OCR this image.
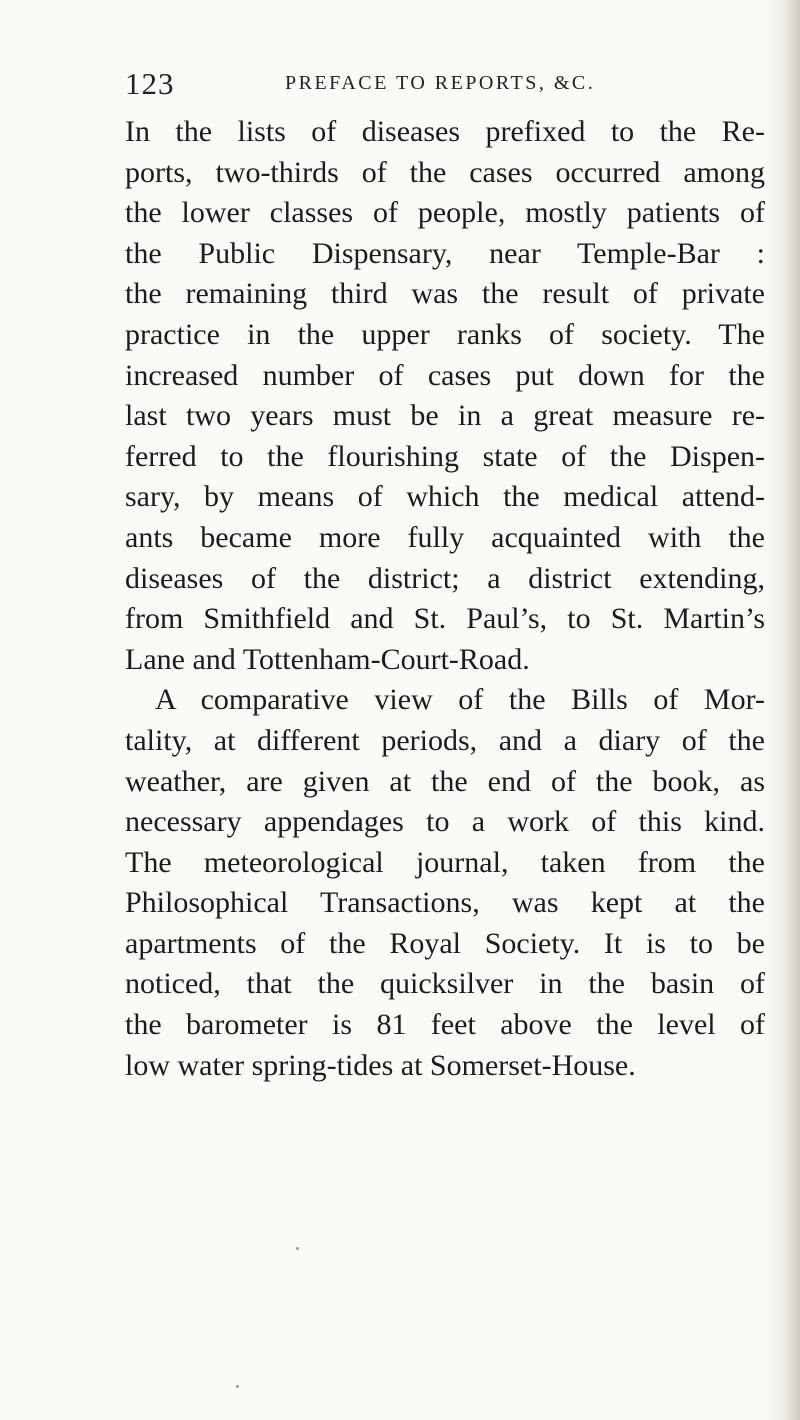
123	PREFACE TO REPORTS, &C.
In the lists of diseases prefixed to the Re-
ports, two-thirds of the cases occurred among
the lower classes of people, mostly patients of
the Public Dispensary, near Temple-Bar :
the remaining third was the result of private
practice in the upper ranks of society. The
increased number of cases put down for the
last two years must be in a great measure re-
ferred to the flourishing state of the Dispen-
sary, by means of which the medical attend-
ants became more fully acquainted with the
diseases of the district; a district extending,
from Smithfield and St. Paul’s, to St. Martin’s
Lane and Tottenham-Court-Road.
A comparative view of the Bills of Mor-
tality, at different periods, and a diary of the
weather, are given at the end of the book, as
necessary appendages to a work of this kind.
The meteorological journal, taken from the
Philosophical Transactions, was kept at the
apartments of the Royal Society. It is to be
noticed, that the quicksilver in the basin of
the barometer is 81 feet above the level of
low water spring-tides at Somerset-House.
